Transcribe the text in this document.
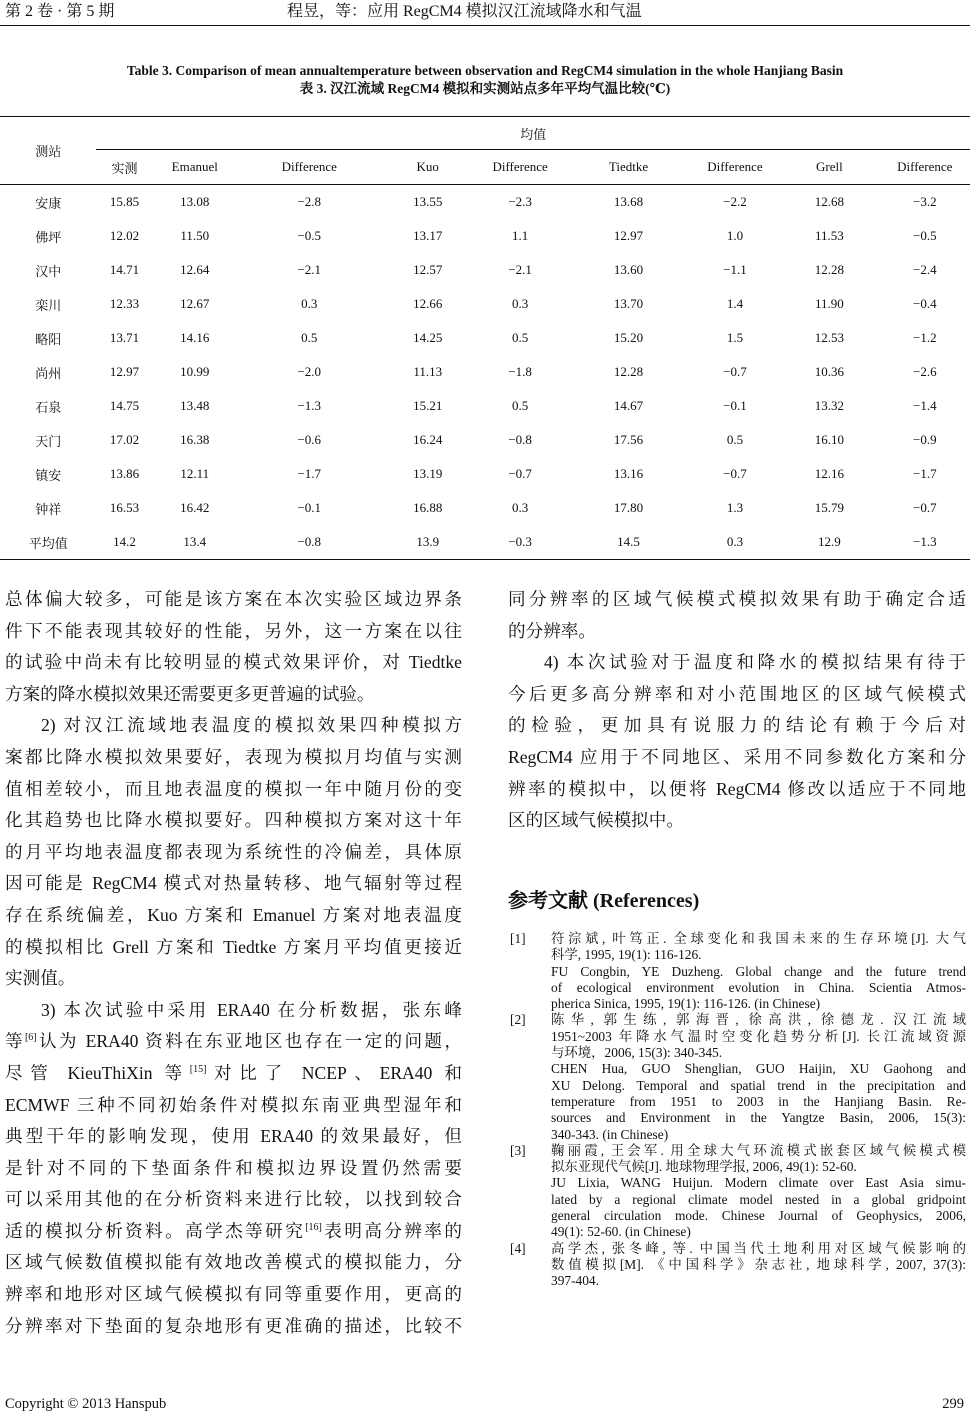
第 2 卷 · 第 5 期	程昱，等：应用 RegCM4 模拟汉江流域降水和气温
Table 3. Comparison of mean annualtemperature between observation and RegCM4 simulation in the whole Hanjiang Basin
表 3. 汉江流域 RegCM4 模拟和实测站点多年平均气温比较(℃)
测站	均值								
	实测	Emanuel	Difference	Kuo	Difference	Tiedtke	Difference	Grell	Difference
安康	15.85	13.08	−2.8	13.55	−2.3	13.68	−2.2	12.68	−3.2
佛坪	12.02	11.50	−0.5	13.17	1.1	12.97	1.0	11.53	−0.5
汉中	14.71	12.64	−2.1	12.57	−2.1	13.60	−1.1	12.28	−2.4
栾川	12.33	12.67	0.3	12.66	0.3	13.70	1.4	11.90	−0.4
略阳	13.71	14.16	0.5	14.25	0.5	15.20	1.5	12.53	−1.2
尚州	12.97	10.99	−2.0	11.13	−1.8	12.28	−0.7	10.36	−2.6
石泉	14.75	13.48	−1.3	15.21	0.5	14.67	−0.1	13.32	−1.4
天门	17.02	16.38	−0.6	16.24	−0.8	17.56	0.5	16.10	−0.9
镇安	13.86	12.11	−1.7	13.19	−0.7	13.16	−0.7	12.16	−1.7
钟祥	16.53	16.42	−0.1	16.88	0.3	17.80	1.3	15.79	−0.7
平均值	14.2	13.4	−0.8	13.9	−0.3	14.5	0.3	12.9	−1.3
总体偏大较多，可能是该方案在本次实验区域边界条
件下不能表现其较好的性能，另外，这一方案在以往
的试验中尚未有比较明显的模式效果评价，对 Tiedtke
方案的降水模拟效果还需要更多更普遍的试验。
2) 对汉江流域地表温度的模拟效果四种模拟方
案都比降水模拟效果要好，表现为模拟月均值与实测
值相差较小，而且地表温度的模拟一年中随月份的变
化其趋势也比降水模拟要好。四种模拟方案对这十年
的月平均地表温度都表现为系统性的冷偏差，具体原
因可能是 RegCM4 模式对热量转移、地气辐射等过程
存在系统偏差，Kuo 方案和 Emanuel 方案对地表温度
的模拟相比 Grell 方案和 Tiedtke 方案月平均值更接近
实测值。
3) 本次试验中采用 ERA40 在分析数据，张东峰
等[6]认为 ERA40 资料在东亚地区也存在一定的问题，
尽管 KieuThiXin 等[15]对比了 NCEP、ERA40 和
ECMWF 三种不同初始条件对模拟东南亚典型湿年和
典型干年的影响发现，使用 ERA40 的效果最好，但
是针对不同的下垫面条件和模拟边界设置仍然需要
可以采用其他的在分析资料来进行比较，以找到较合
适的模拟分析资料。高学杰等研究[16]表明高分辨率的
区域气候数值模拟能有效地改善模式的模拟能力，分
辨率和地形对区域气候模拟有同等重要作用，更高的
分辨率对下垫面的复杂地形有更准确的描述，比较不
同分辨率的区域气候模式模拟效果有助于确定合适
的分辨率。
4) 本次试验对于温度和降水的模拟结果有待于
今后更多高分辨率和对小范围地区的区域气候模式
的检验，更加具有说服力的结论有赖于今后对
RegCM4 应用于不同地区、采用不同参数化方案和分
辨率的模拟中，以便将 RegCM4 修改以适应于不同地
区的区域气候模拟中。
参考文献 (References)
[1] 符淙斌, 叶笃正. 全球变化和我国未来的生存环境[J]. 大气
科学, 1995, 19(1): 116-126.
FU Congbin, YE Duzheng. Global change and the future trend
of ecological environment evolution in China. Scientia Atmos-
pherica Sinica, 1995, 19(1): 116-126. (in Chinese)
[2] 陈华, 郭生练, 郭海晋, 徐高洪, 徐德龙. 汉江流域
1951~2003 年降水气温时空变化趋势分析[J]. 长江流域资源
与环境，2006, 15(3): 340-345.
CHEN Hua, GUO Shenglian, GUO Haijin, XU Gaohong and
XU Delong. Temporal and spatial trend in the precipitation and
temperature from 1951 to 2003 in the Hanjiang Basin. Re-
sources and Environment in the Yangtze Basin, 2006, 15(3):
340-343. (in Chinese)
[3] 鞠丽霞, 王会军. 用全球大气环流模式嵌套区域气候模式模
拟东亚现代气候[J]. 地球物理学报, 2006, 49(1): 52-60.
JU Lixia, WANG Huijun. Modern climate over East Asia simu-
lated by a regional climate model nested in a global gridpoint
general circulation mode. Chinese Journal of Geophysics, 2006,
49(1): 52-60. (in Chinese)
[4] 高学杰, 张冬峰, 等. 中国当代土地利用对区域气候影响的
数值模拟[M]. 《中国科学》杂志社, 地球科学, 2007, 37(3):
397-404.
Copyright © 2013 Hanspub	299
